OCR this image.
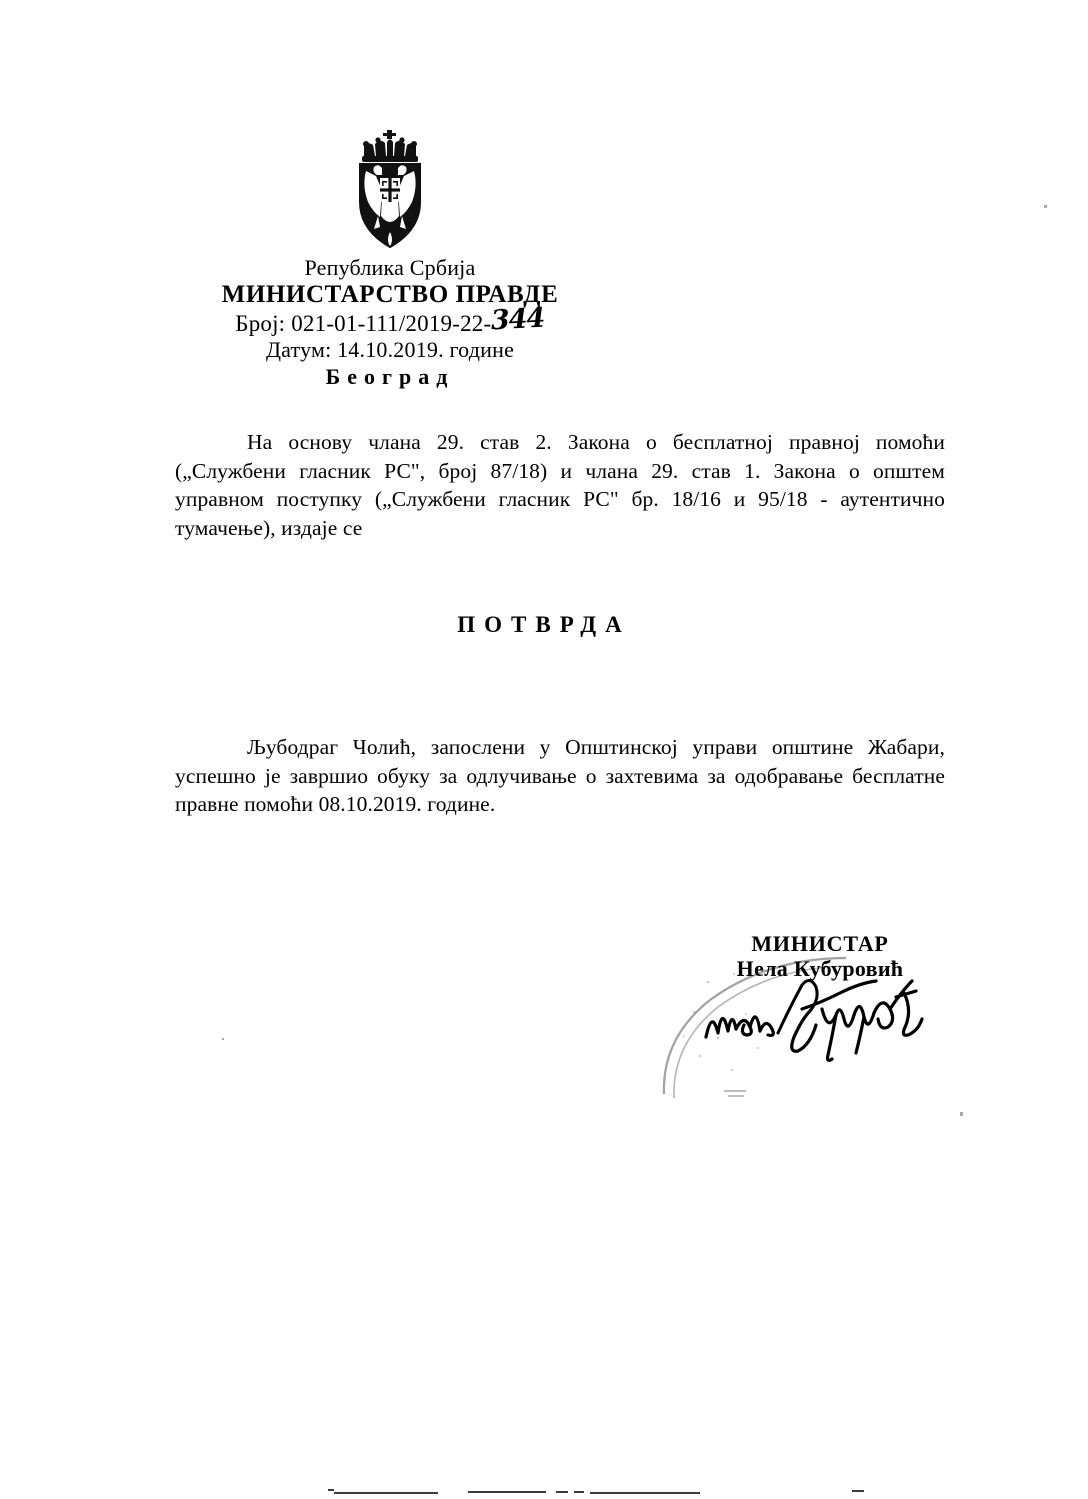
Република Србија
МИНИСТАРСТВО ПРАВДЕ
Број: 021-01-111/2019-22-344
Датум: 14.10.2019. године
Београд
На основу члана 29. став 2. Закона о бесплатној правној помоћи („Службени гласник РС", број 87/18) и члана 29. став 1. Закона о општем управном поступку („Службени гласник РС" бр. 18/16 и 95/18 - аутентично тумачење), издаје се
ПОТВРДА
Љубодраг Чолић, запослени у Општинској управи општине Жабари, успешно је завршио обуку за одлучивање о захтевима за одобравање бесплатне правне помоћи 08.10.2019. године.
МИНИСТАР
Нела Кубуровић
